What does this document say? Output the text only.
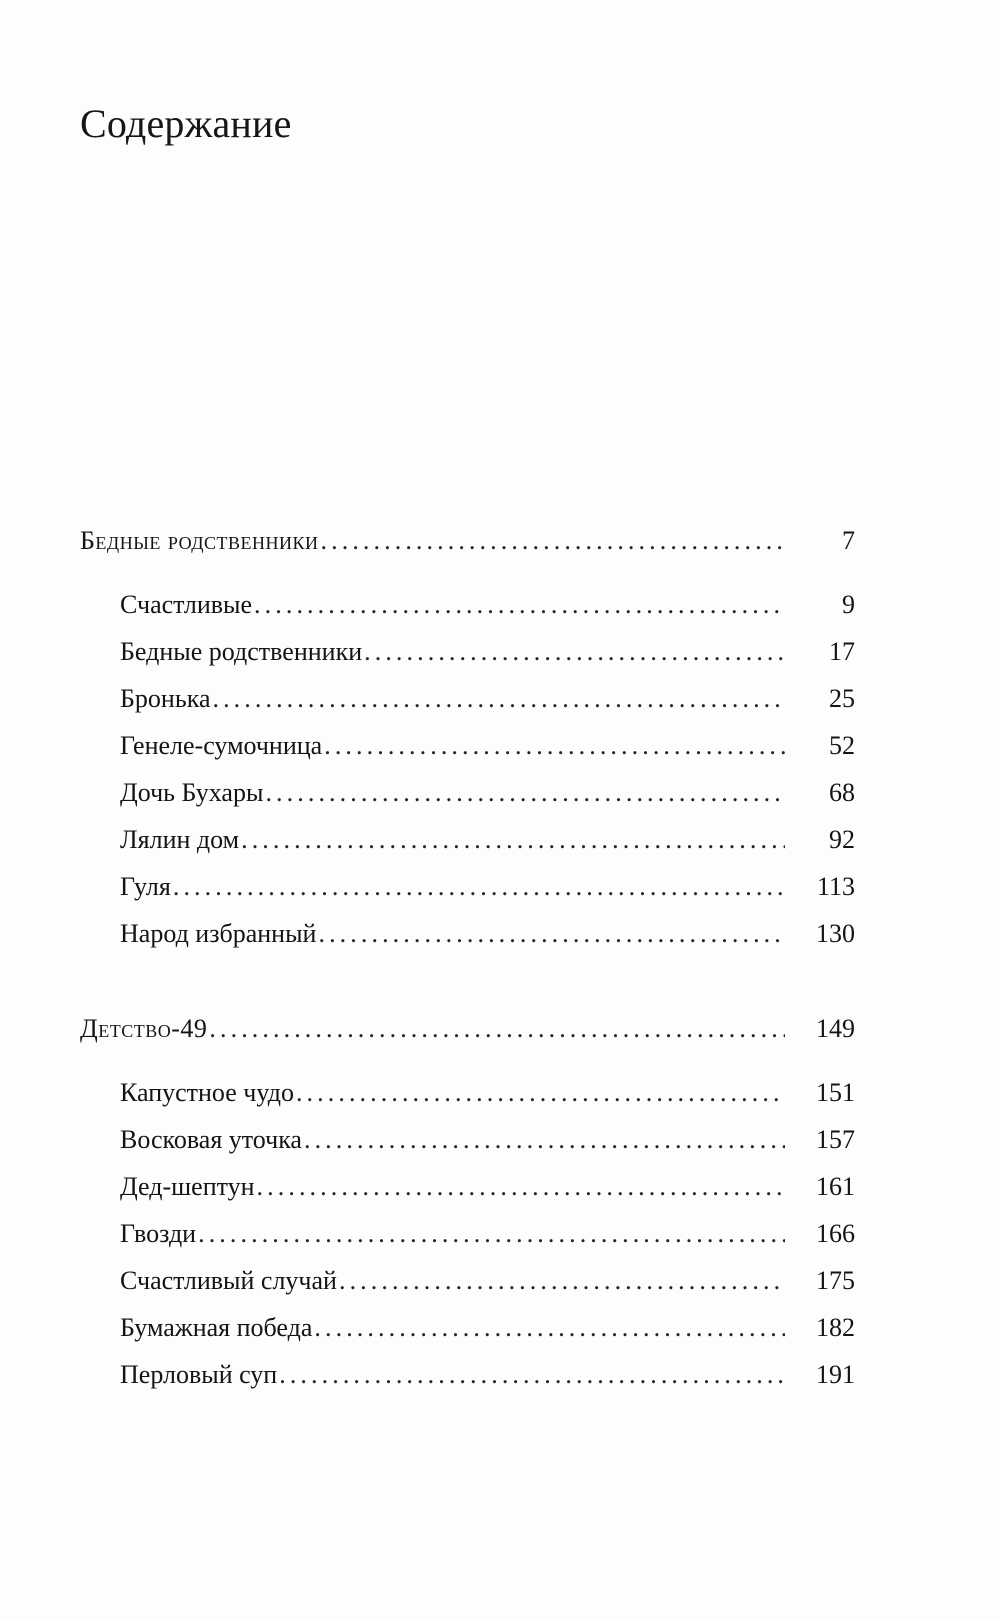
Содержание
Бедные родственники . . .	7
Счастливые . . .	9
Бедные родственники . . .	17
Бронька . . .	25
Генеле-сумочница . . .	52
Дочь Бухары . . .	68
Лялин дом . . .	92
Гуля . . .	113
Народ избранный . . .	130
Детство-49 . . .	149
Капустное чудо . . .	151
Восковая уточка . . .	157
Дед-шептун . . .	161
Гвозди . . .	166
Счастливый случай . . .	175
Бумажная победа . . .	182
Перловый суп . . .	191
